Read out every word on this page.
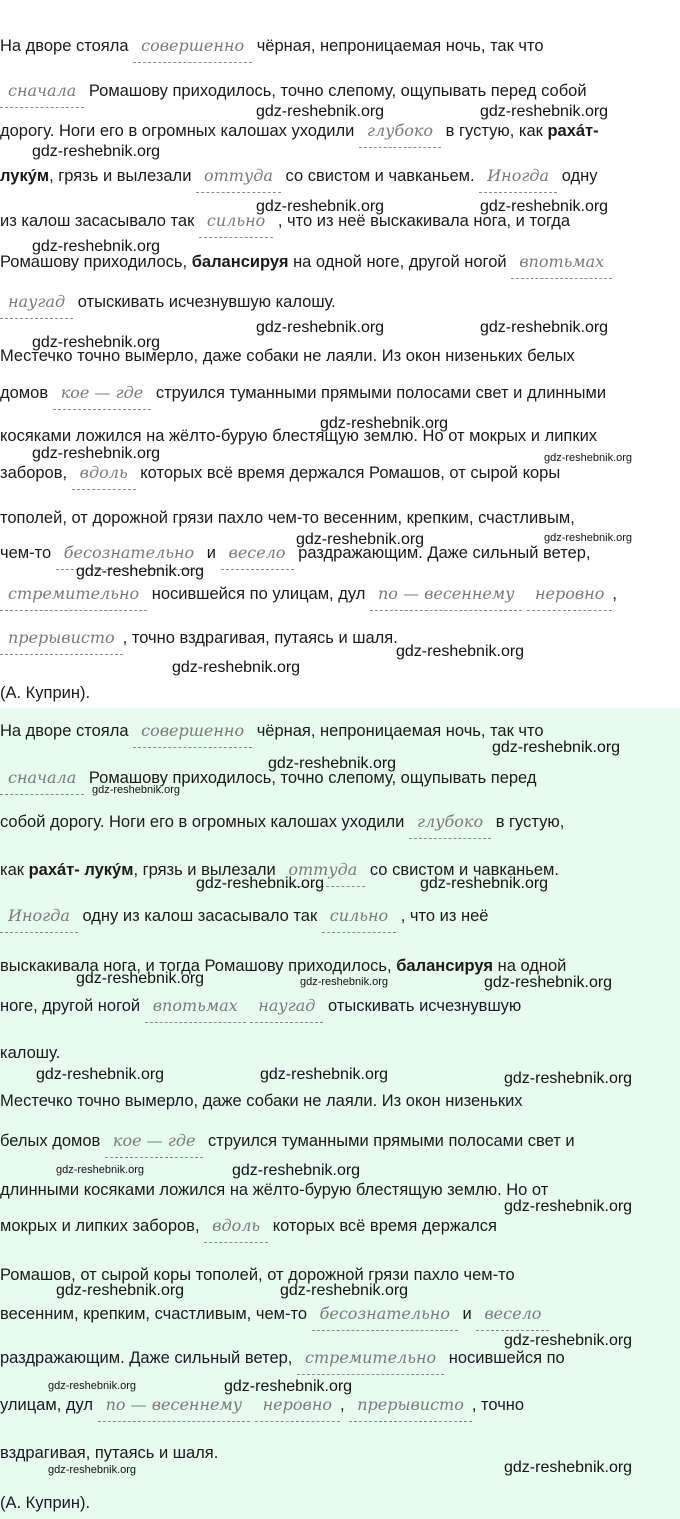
На дворе стояла совершенно чёрная, непроницаемая ночь, так что
сначала Ромашову приходилось, точно слепому, ощупывать перед собой
дорогу. Ноги его в огромных калошах уходили глубоко в густую, как рахáт-
лукýм, грязь и вылезали оттуда со свистом и чавканьем. Иногда одну
из калош засасывало так сильно , что из неё выскакивала нога, и тогда
Ромашову приходилось, балансируя на одной ноге, другой ногой впотьмах
наугад отыскивать исчезнувшую калошу.
Местечко точно вымерло, даже собаки не лаяли. Из окон низеньких белых
домов кое — где струился туманными прямыми полосами свет и длинными
косяками ложился на жёлто-бурую блестящую землю. Но от мокрых и липких
заборов, вдоль которых всё время держался Ромашов, от сырой коры
тополей, от дорожной грязи пахло чем-то весенним, крепким, счастливым,
чем-то бесознательно и весело раздражающим. Даже сильный ветер,
стремительно носившейся по улицам, дул по — весеннему неровно ,
прерывисто , точно вздрагивая, путаясь и шаля.
(А. Куприн).
gdz-reshebnik.org	gdz-reshebnik.org
gdz-reshebnik.org
gdz-reshebnik.org	gdz-reshebnik.org
gdz-reshebnik.org
gdz-reshebnik.org	gdz-reshebnik.org
gdz-reshebnik.org
gdz-reshebnik.org
gdz-reshebnik.org	gdz-reshebnik.org
gdz-reshebnik.org	gdz-reshebnik.org
gdz-reshebnik.org
gdz-reshebnik.org
gdz-reshebnik.org
На дворе стояла совершенно чёрная, непроницаемая ночь, так что
сначала Ромашову приходилось, точно слепому, ощупывать перед
собой дорогу. Ноги его в огромных калошах уходили глубоко в густую,
как рахáт- лукýм, грязь и вылезали оттуда со свистом и чавканьем.
Иногда одну из калош засасывало так сильно , что из неё
выскакивала нога, и тогда Ромашову приходилось, балансируя на одной
ноге, другой ногой впотьмах наугад отыскивать исчезнувшую
калошу.
Местечко точно вымерло, даже собаки не лаяли. Из окон низеньких
белых домов кое — где струился туманными прямыми полосами свет и
длинными косяками ложился на жёлто-бурую блестящую землю. Но от
мокрых и липких заборов, вдоль которых всё время держался
Ромашов, от сырой коры тополей, от дорожной грязи пахло чем-то
весенним, крепким, счастливым, чем-то бесознательно и весело
раздражающим. Даже сильный ветер, стремительно носившейся по
улицам, дул по — весеннему неровно , прерывисто , точно
вздрагивая, путаясь и шаля.
(А. Куприн).
gdz-reshebnik.org
gdz-reshebnik.org
gdz-reshebnik.org
gdz-reshebnik.org	gdz-reshebnik.org
gdz-reshebnik.org	gdz-reshebnik.org	gdz-reshebnik.org
gdz-reshebnik.org	gdz-reshebnik.org	gdz-reshebnik.org
gdz-reshebnik.org	gdz-reshebnik.org
gdz-reshebnik.org
gdz-reshebnik.org	gdz-reshebnik.org
gdz-reshebnik.org
gdz-reshebnik.org	gdz-reshebnik.org
gdz-reshebnik.org	gdz-reshebnik.org
